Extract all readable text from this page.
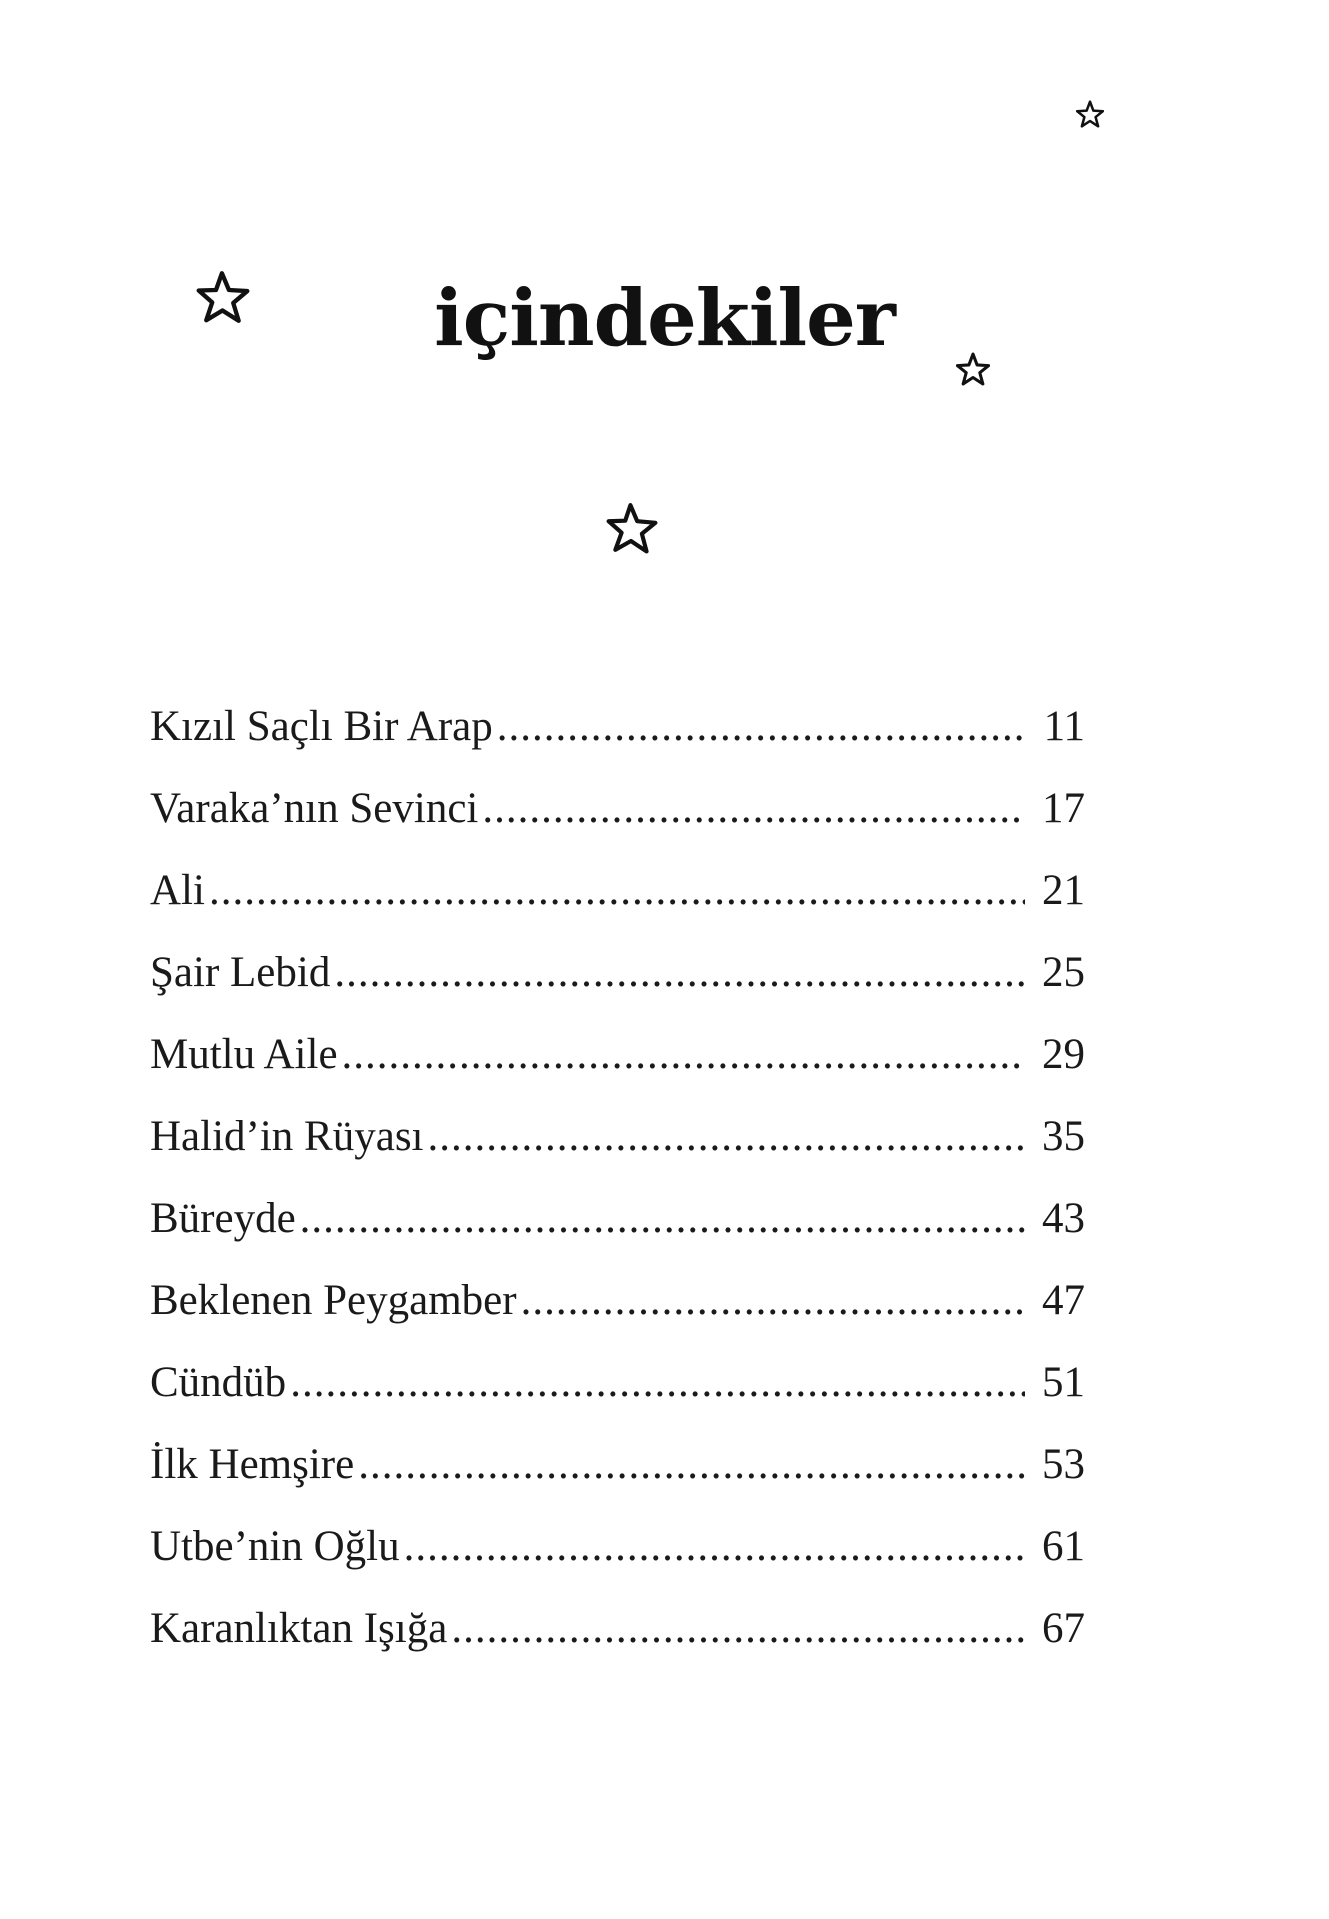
içindekiler
Kızıl Saçlı Bir Arap .....	11
Varaka’nın Sevinci .....	17
Ali .....	21
Şair Lebid .....	25
Mutlu Aile .....	29
Halid’in Rüyası .....	35
Büreyde .....	43
Beklenen Peygamber .....	47
Cündüb .....	51
İlk Hemşire .....	53
Utbe’nin Oğlu .....	61
Karanlıktan Işığa .....	67
